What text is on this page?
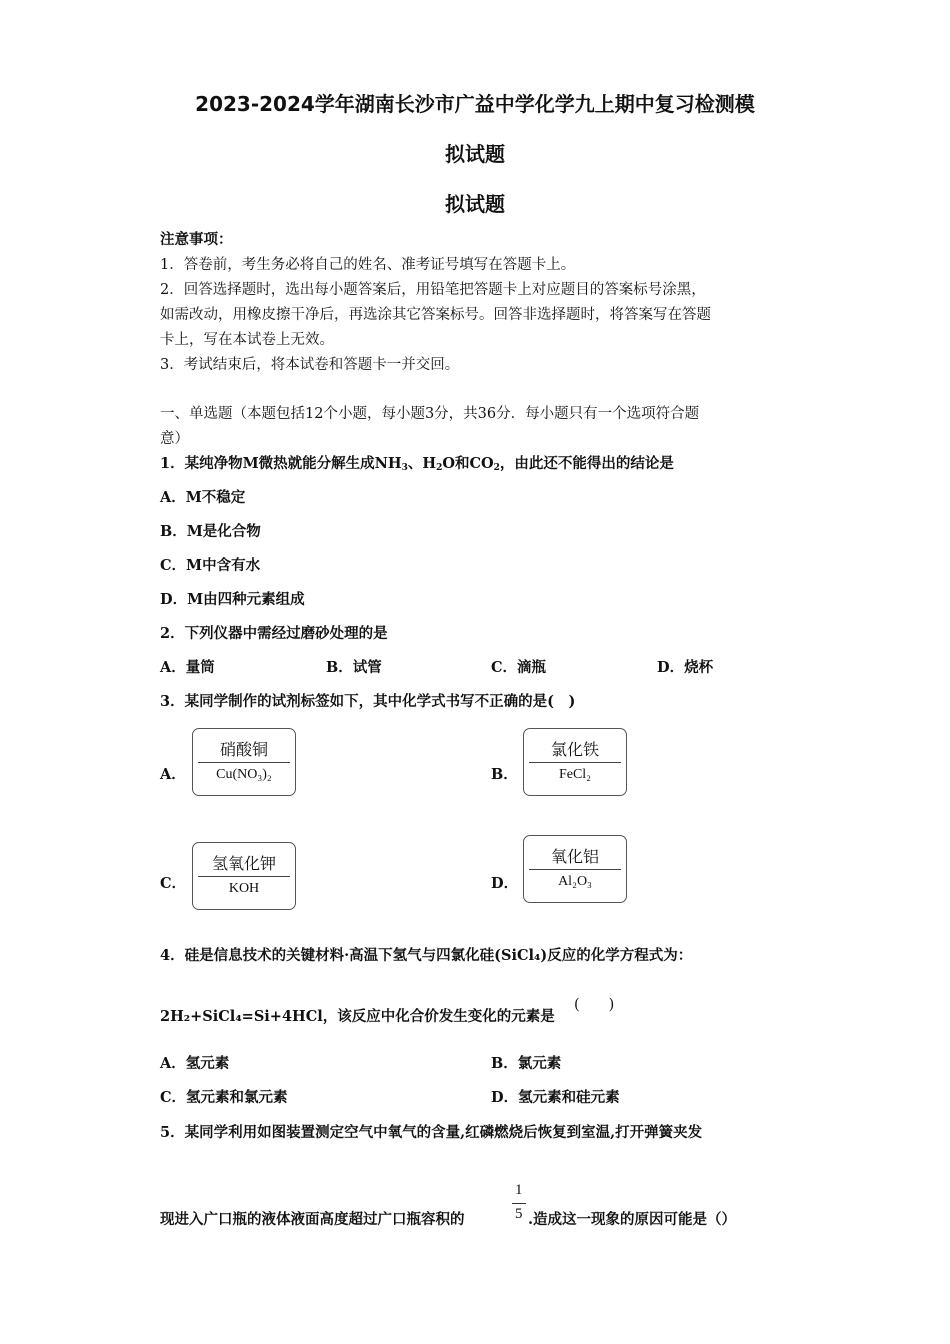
2023-2024学年湖南长沙市广益中学化学九上期中复习检测模
拟试题
拟试题
注意事项：
1．答卷前，考生务必将自己的姓名、准考证号填写在答题卡上。
2．回答选择题时，选出每小题答案后，用铅笔把答题卡上对应题目的答案标号涂黑，
如需改动，用橡皮擦干净后，再选涂其它答案标号。回答非选择题时，将答案写在答题
卡上，写在本试卷上无效。
3．考试结束后，将本试卷和答题卡一并交回。
一、单选题（本题包括12个小题，每小题3分，共36分．每小题只有一个选项符合题
意）
1．某纯净物M微热就能分解生成$NH_3$、$H_2O$和$CO_2$，由此还不能得出的结论是
A．M不稳定
B．M是化合物
C．M中含有水
D．M由四种元素组成
2．下列仪器中需经过磨砂处理的是
A．量筒	B．试管	C．滴瓶	D．烧杯
3．某同学制作的试剂标签如下，其中化学式书写不正确的是(　)
A．
硝酸铜
Cu(NO₃)₂	B．
氯化铁
FeCl₂
C．
氢氧化钾
KOH	D．
氧化铝
Al₂O₃
4．硅是信息技术的关键材料·高温下氢气与四氯化硅(SiCl₄)反应的化学方程式为：
2H₂+SiCl₄=Si+4HCl，该反应中化合价发生变化的元素是
(　　)
A．氢元素	B．氯元素
C．氢元素和氯元素	D．氢元素和硅元素
5．某同学利用如图装置测定空气中氧气的含量,红磷燃烧后恢复到室温,打开弹簧夹发
现进入广口瓶的液体液面高度超过广口瓶容积的
1
5 .造成这一现象的原因可能是（）
